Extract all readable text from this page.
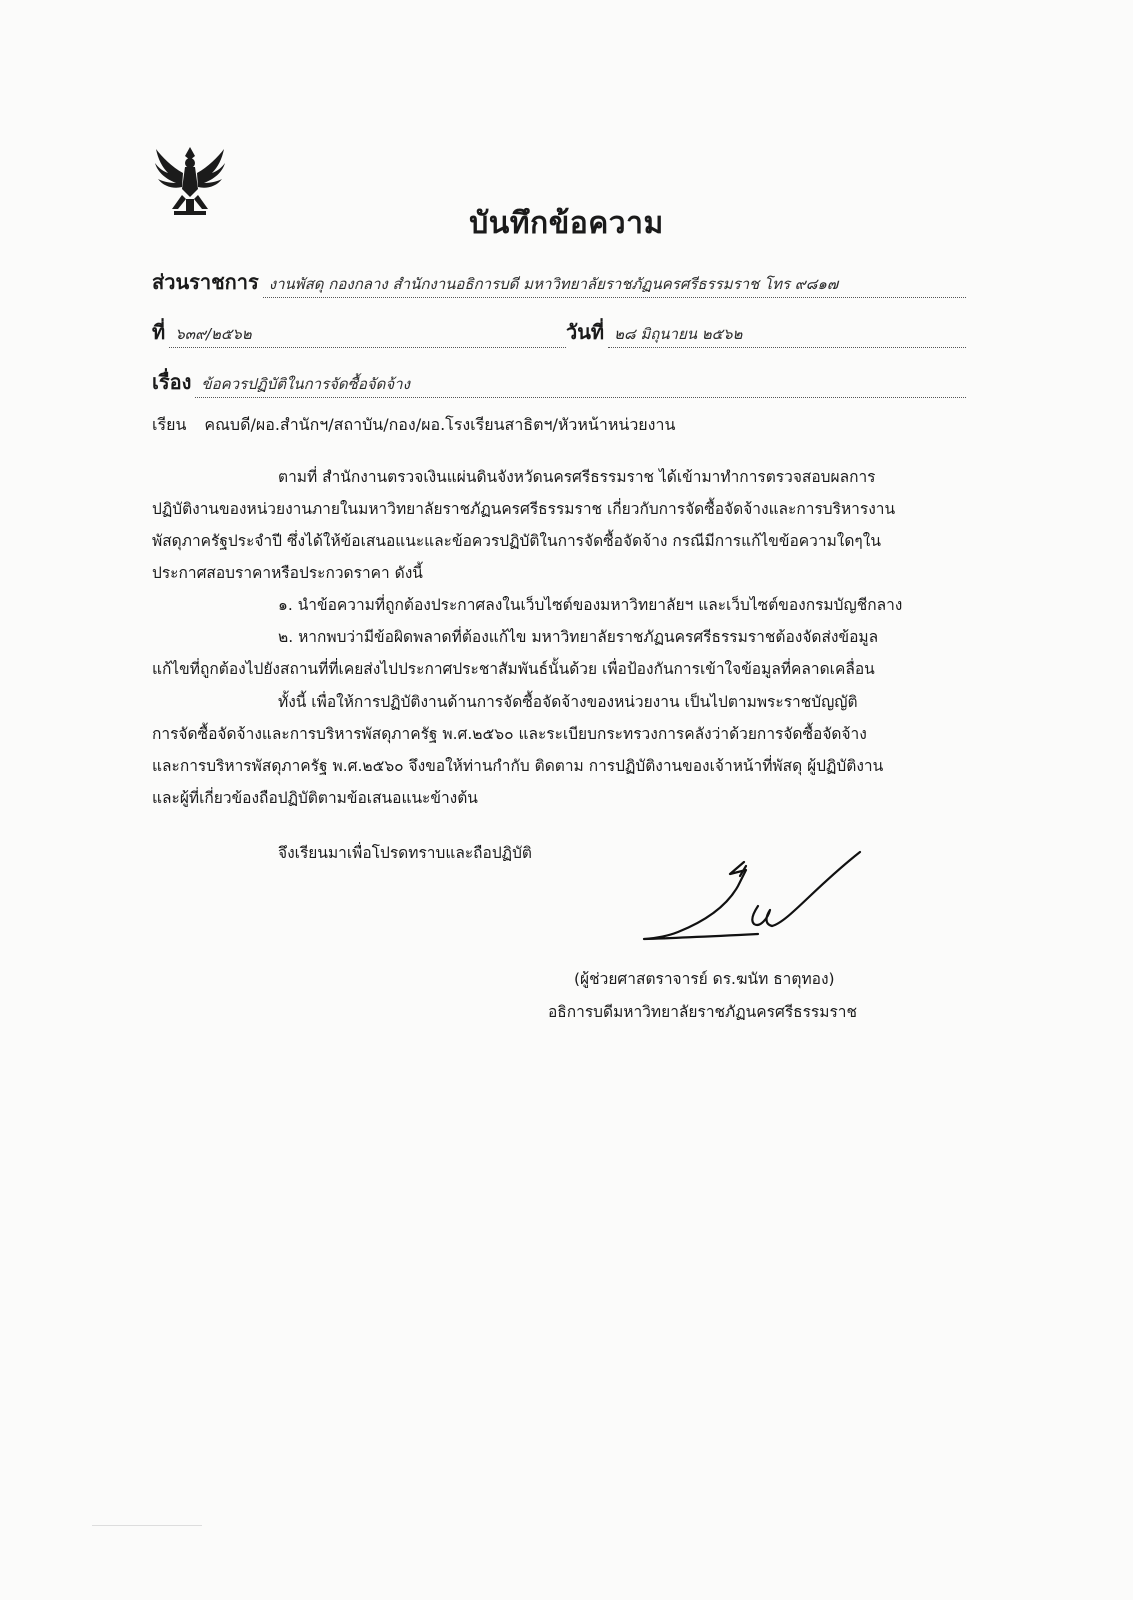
บันทึกข้อความ
ส่วนราชการ งานพัสดุ กองกลาง สำนักงานอธิการบดี มหาวิทยาลัยราชภัฏนครศรีธรรมราช โทร ๙๘๑๗
ที่ ๖๓๙/๒๕๖๒	วันที่ ๒๘ มิถุนายน ๒๕๖๒
เรื่อง ข้อควรปฏิบัติในการจัดซื้อจัดจ้าง
เรียน คณบดี/ผอ.สำนักฯ/สถาบัน/กอง/ผอ.โรงเรียนสาธิตฯ/หัวหน้าหน่วยงาน
ตามที่ สำนักงานตรวจเงินแผ่นดินจังหวัดนครศรีธรรมราช ได้เข้ามาทำการตรวจสอบผลการ
ปฏิบัติงานของหน่วยงานภายในมหาวิทยาลัยราชภัฏนครศรีธรรมราช เกี่ยวกับการจัดซื้อจัดจ้างและการบริหารงาน
พัสดุภาครัฐประจำปี ซึ่งได้ให้ข้อเสนอแนะและข้อควรปฏิบัติในการจัดซื้อจัดจ้าง กรณีมีการแก้ไขข้อความใดๆใน
ประกาศสอบราคาหรือประกวดราคา ดังนี้
๑. นำข้อความที่ถูกต้องประกาศลงในเว็บไซต์ของมหาวิทยาลัยฯ และเว็บไซต์ของกรมบัญชีกลาง
๒. หากพบว่ามีข้อผิดพลาดที่ต้องแก้ไข มหาวิทยาลัยราชภัฏนครศรีธรรมราชต้องจัดส่งข้อมูล
แก้ไขที่ถูกต้องไปยังสถานที่ที่เคยส่งไปประกาศประชาสัมพันธ์นั้นด้วย เพื่อป้องกันการเข้าใจข้อมูลที่คลาดเคลื่อน
ทั้งนี้ เพื่อให้การปฏิบัติงานด้านการจัดซื้อจัดจ้างของหน่วยงาน เป็นไปตามพระราชบัญญัติ
การจัดซื้อจัดจ้างและการบริหารพัสดุภาครัฐ พ.ศ.๒๕๖๐ และระเบียบกระทรวงการคลังว่าด้วยการจัดซื้อจัดจ้าง
และการบริหารพัสดุภาครัฐ พ.ศ.๒๕๖๐ จึงขอให้ท่านกำกับ ติดตาม การปฏิบัติงานของเจ้าหน้าที่พัสดุ ผู้ปฏิบัติงาน
และผู้ที่เกี่ยวข้องถือปฏิบัติตามข้อเสนอแนะข้างต้น
จึงเรียนมาเพื่อโปรดทราบและถือปฏิบัติ
(ผู้ช่วยศาสตราจารย์ ดร.ฆนัท ธาตุทอง)
อธิการบดีมหาวิทยาลัยราชภัฏนครศรีธรรมราช
